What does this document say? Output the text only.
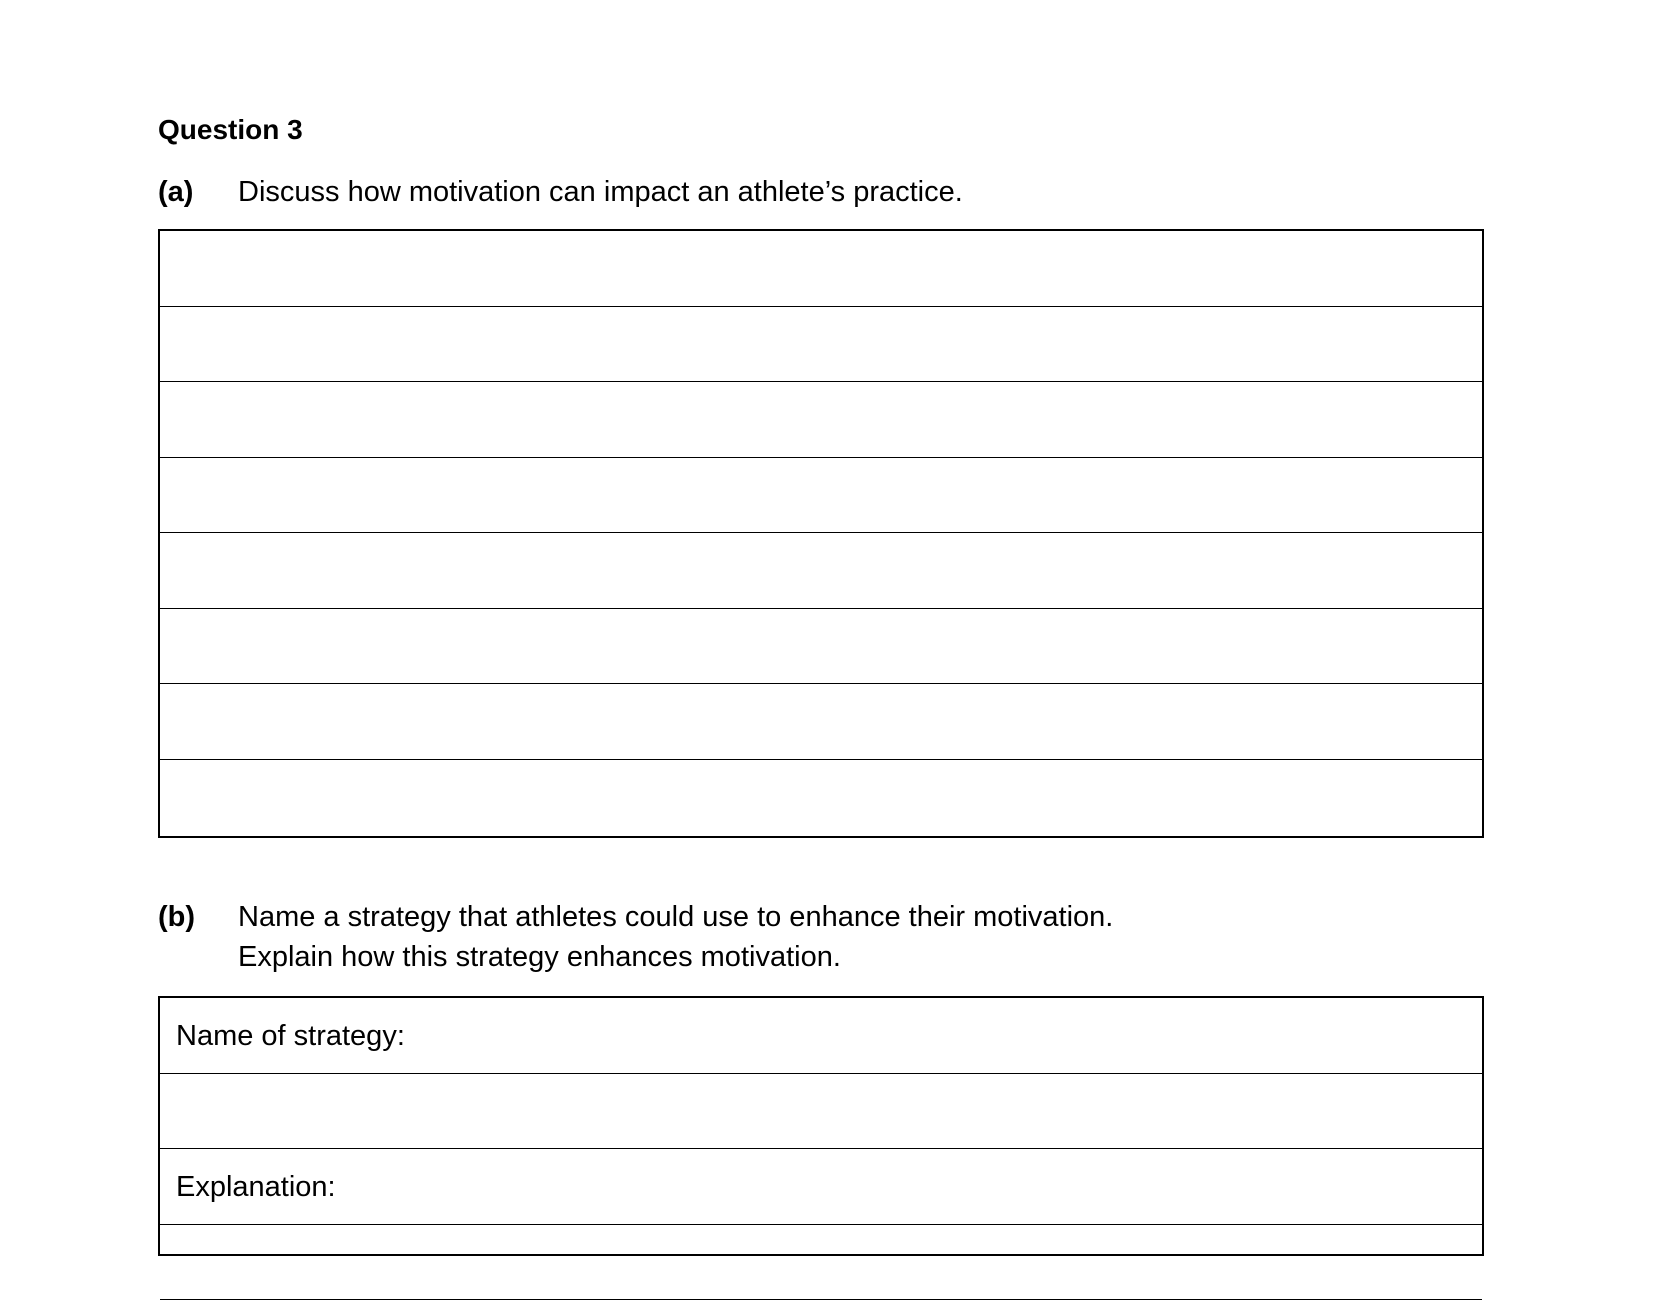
Question 3
(a) Discuss how motivation can impact an athlete’s practice.
(b) Name a strategy that athletes could use to enhance their motivation.
Explain how this strategy enhances motivation.
Name of strategy:
Explanation:
